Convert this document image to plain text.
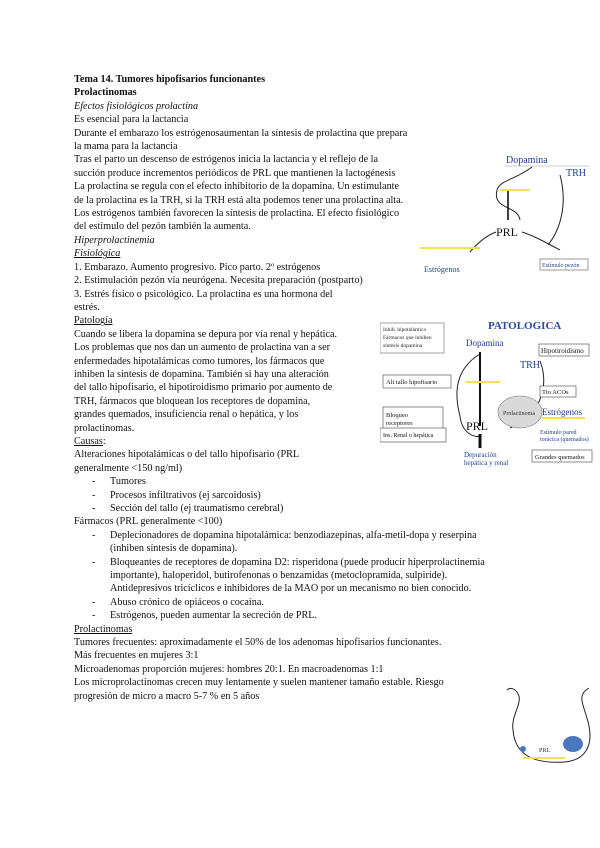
Tema 14. Tumores hipofisarios funcionantes
Prolactinomas
Efectos fisiológicos prolactina
Es esencial para la lactancia
Durante el embarazo los estrógenosaumentan la síntesis de prolactina que prepara
la mama para la lactancia
Tras el parto un descenso de estrógenos inicia la lactancia y el reflejo de la
succión produce incrementos periódicos de PRL que mantienen la lactogénesis
La prolactina se regula con el efecto inhibitorio de la dopamina. Un estimulante
de la prolactina es la TRH, si la TRH está alta podemos tener una prolactina alta.
Los estrógenos también favorecen la síntesis de prolactina. El efecto fisiológico
del estímulo del pezón también la aumenta.
Hiperprolactinemia
Fisiológica
1. Embarazo. Aumento progresivo. Pico parto. 2º estrógenos
2. Estimulación pezón vía neurógena. Necesita preparación (postparto)
3. Estrés físico o psicológico. La prolactina es una hormona del
estrés.
Patología
Cuando se libera la dopamina se depura por vía renal y hepática.
Los problemas que nos dan un aumento de prolactina van a ser
enfermedades hipotalámicas como tumores, los fármacos que
inhiben la síntesis de dopamina. También si hay una alteración
del tallo hipofisario, el hipotiroidismo primario por aumento de
TRH, fármacos que bloquean los receptores de dopamina,
grandes quemados, insuficiencia renal o hepática, y los
prolactinomas.
Causas:
Alteraciones hipotalámicas o del tallo hipofisario (PRL
generalmente <150 ng/ml)
- Tumores
- Procesos infiltrativos (ej sarcoidosis)
- Sección del tallo (ej traumatismo cerebral)
Fármacos (PRL generalmente <100)
- Deplecionadores de dopamina hipotalámica: benzodiazepinas, alfa-metil-dopa y reserpina
(inhiben síntesis de dopamina).
- Bloqueantes de receptores de dopamina D2: risperidona (puede producir hiperprolactinemia
importante), haloperidol, butirofenonas o benzamidas (metoclopramida, sulpiride).
Antidepresivos tricíclicos e inhibidores de la MAO por un mecanismo no bien conocido.
- Abuso crónico de opiáceos o cocaína.
- Estrógenos, pueden aumentar la secreción de PRL.
Prolactinomas
Tumores frecuentes: aproximadamente el 50% de los adenomas hipofisarios funcionantes.
Más frecuentes en mujeres 3:1
Microadenomas proporción mujeres: hombres 20:1. En macroadenomas 1:1
Los microprolactinomas crecen muy lentamente y suelen mantener tamaño estable. Riesgo
progresión de micro a macro 5-7 % en 5 años
Dopamina
TRH
PRL
Estrógenos	Estímulo pezón
PATOLOGICA
Inhib. hipotalámica
Fármacos que inhiben
síntesis dopamina	Dopamina
Hipotiroidismo
TRH
Alt tallo hipofisario
Tto ACOs
Prolactinoma Estrógenos
Bloqueo
receptores	PRL	Estímulo pared
torácica (quemados)
Ins. Renal o hepática
Depuración
hepática y renal
Grandes quemados
PRL
